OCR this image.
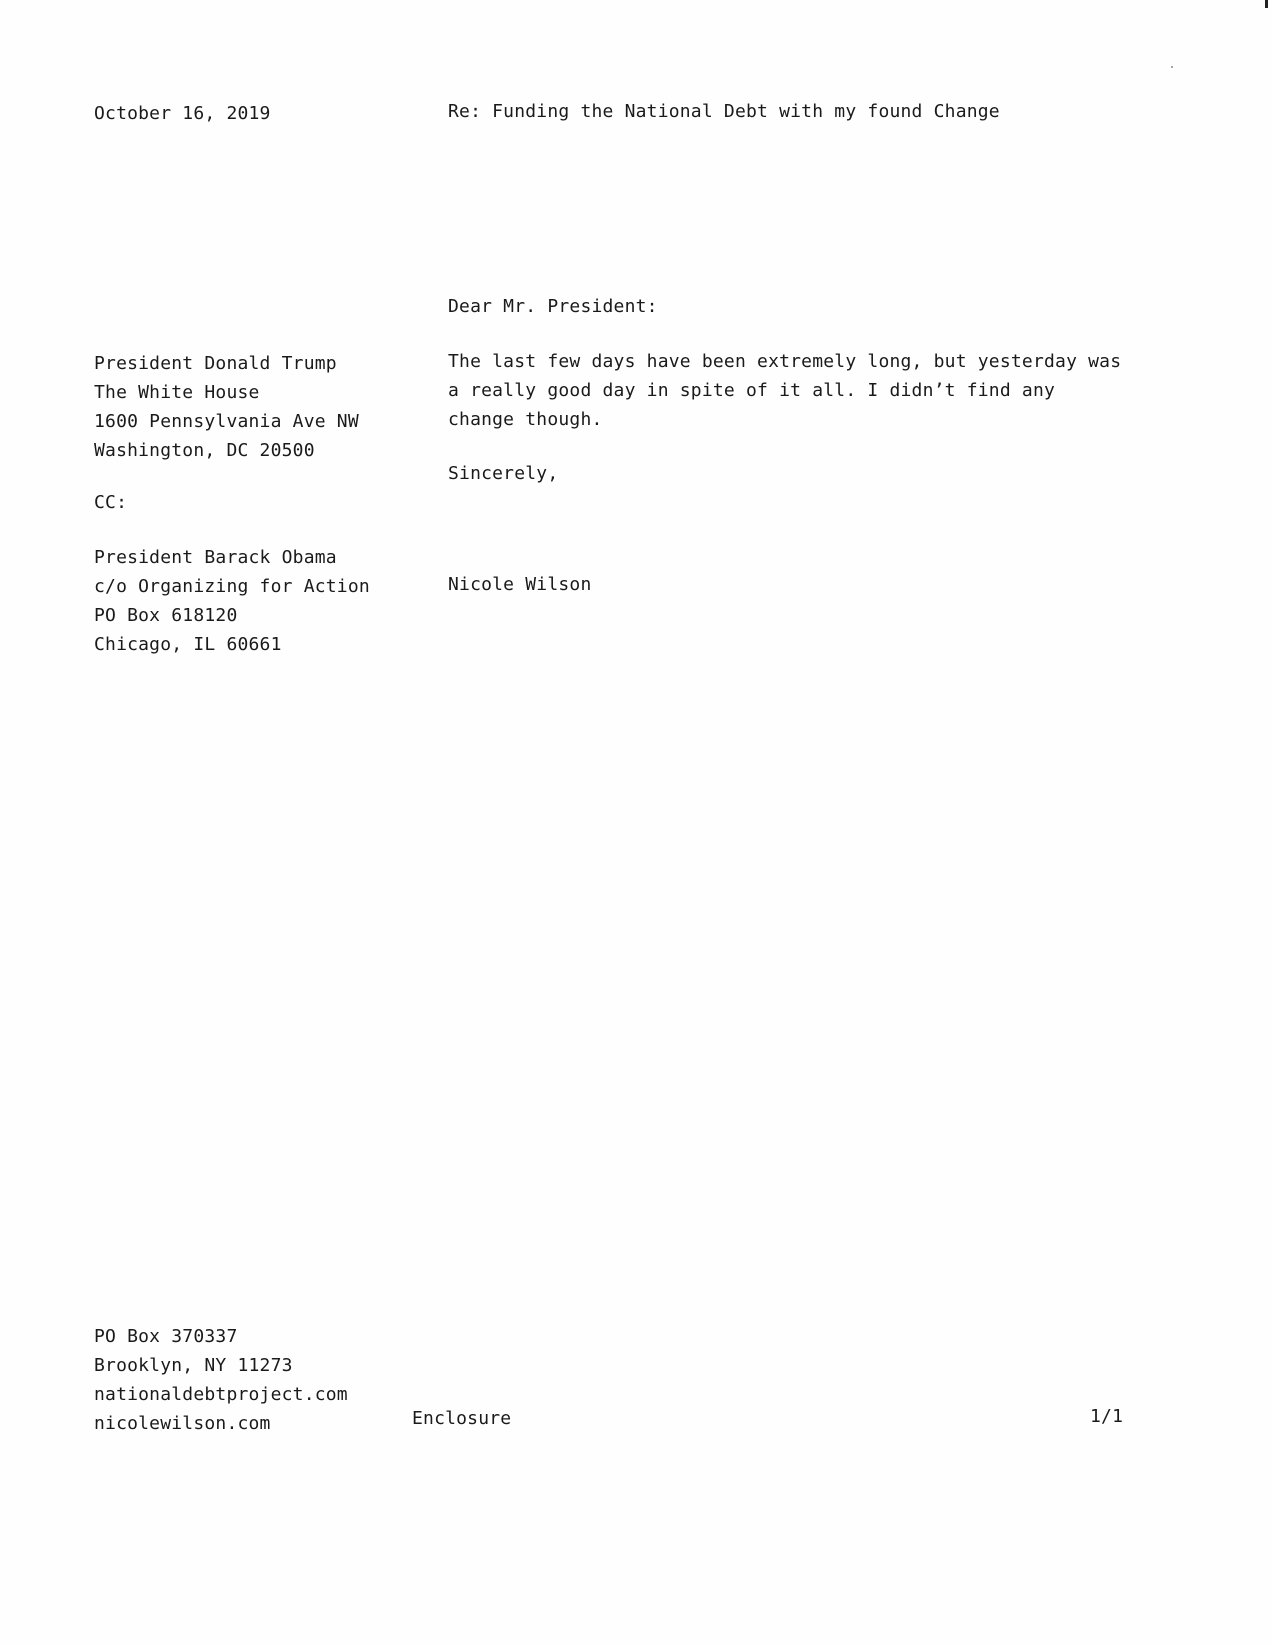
October 16, 2019	Re: Funding the National Debt with my found Change
Dear Mr. President:
President Donald Trump
The White House
1600 Pennsylvania Ave NW
Washington, DC 20500
The last few days have been extremely long, but yesterday was a really good day in spite of it all. I didn’t find any change though.
Sincerely,
CC:
President Barack Obama
c/o Organizing for Action
PO Box 618120
Chicago, IL 60661
Nicole Wilson
PO Box 370337
Brooklyn, NY 11273
nationaldebtproject.com
nicolewilson.com	Enclosure	1/1
